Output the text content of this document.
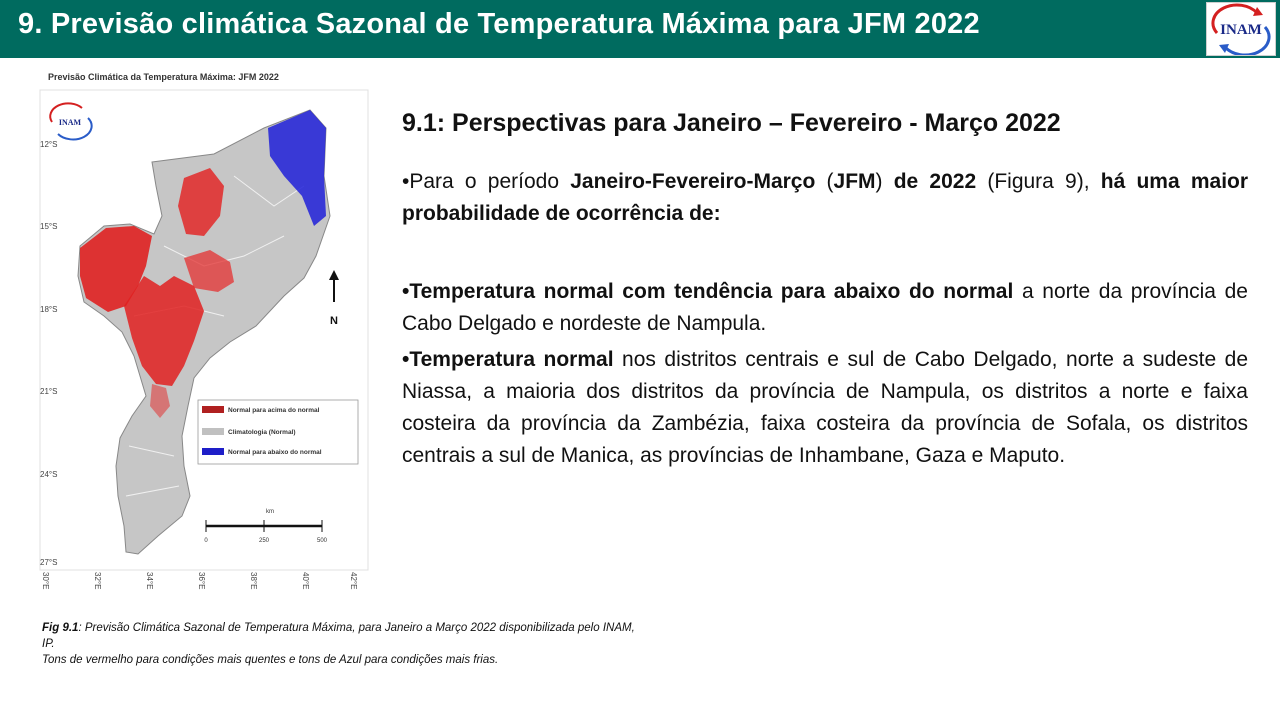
9. Previsão climática Sazonal de Temperatura Máxima para JFM 2022	INAM
INAM
N
Normal para acima do normal
Climatologia (Normal)
Normal para abaixo do normal
km
0	250	500
Previsão Climática da Temperatura Máxima: JFM 2022
12°S
15°S
18°S
21°S
24°S
27°S
30°E	32°E	34°E	36°E	38°E	40°E	42°E
9.1: Perspectivas para Janeiro – Fevereiro - Março 2022
•Para o período Janeiro-Fevereiro-Março (JFM) de 2022 (Figura 9), há uma maior probabilidade de ocorrência de:
•Temperatura normal com tendência para abaixo do normal a norte da província de Cabo Delgado e nordeste de Nampula.
•Temperatura normal nos distritos centrais e sul de Cabo Delgado, norte a sudeste de Niassa, a maioria dos distritos da província de Nampula, os distritos a norte e faixa costeira da província da Zambézia, faixa costeira da província de Sofala, os distritos centrais a sul de Manica, as províncias de Inhambane, Gaza e Maputo.
Fig 9.1: Previsão Climática Sazonal de Temperatura Máxima, para Janeiro a Março 2022 disponibilizada pelo INAM, IP.
Tons de vermelho para condições mais quentes e tons de Azul para condições mais frias.
